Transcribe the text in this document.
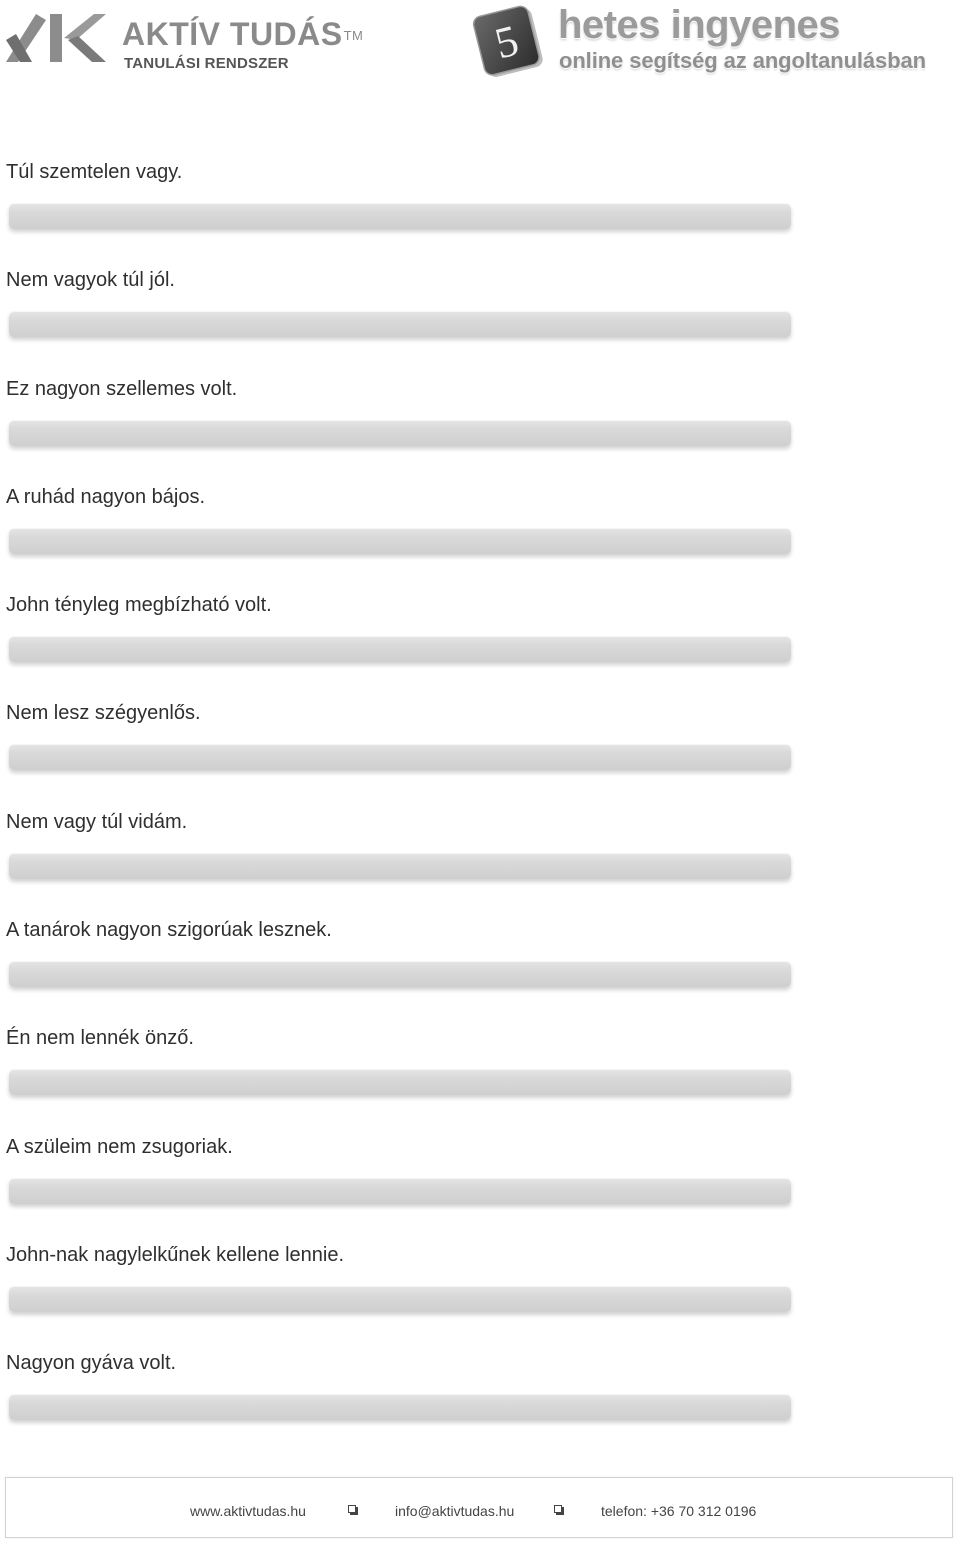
AKTÍV TUDÁS™
TANULÁSI RENDSZER	5 hetes ingyenes
online segítség az angoltanulásban
Túl szemtelen vagy.
Nem vagyok túl jól.
Ez nagyon szellemes volt.
A ruhád nagyon bájos.
John tényleg megbízható volt.
Nem lesz szégyenlős.
Nem vagy túl vidám.
A tanárok nagyon szigorúak lesznek.
Én nem lennék önző.
A szüleim nem zsugoriak.
John-nak nagylelkűnek kellene lennie.
Nagyon gyáva volt.
www.aktivtudas.hu	info@aktivtudas.hu	telefon: +36 70 312 0196
